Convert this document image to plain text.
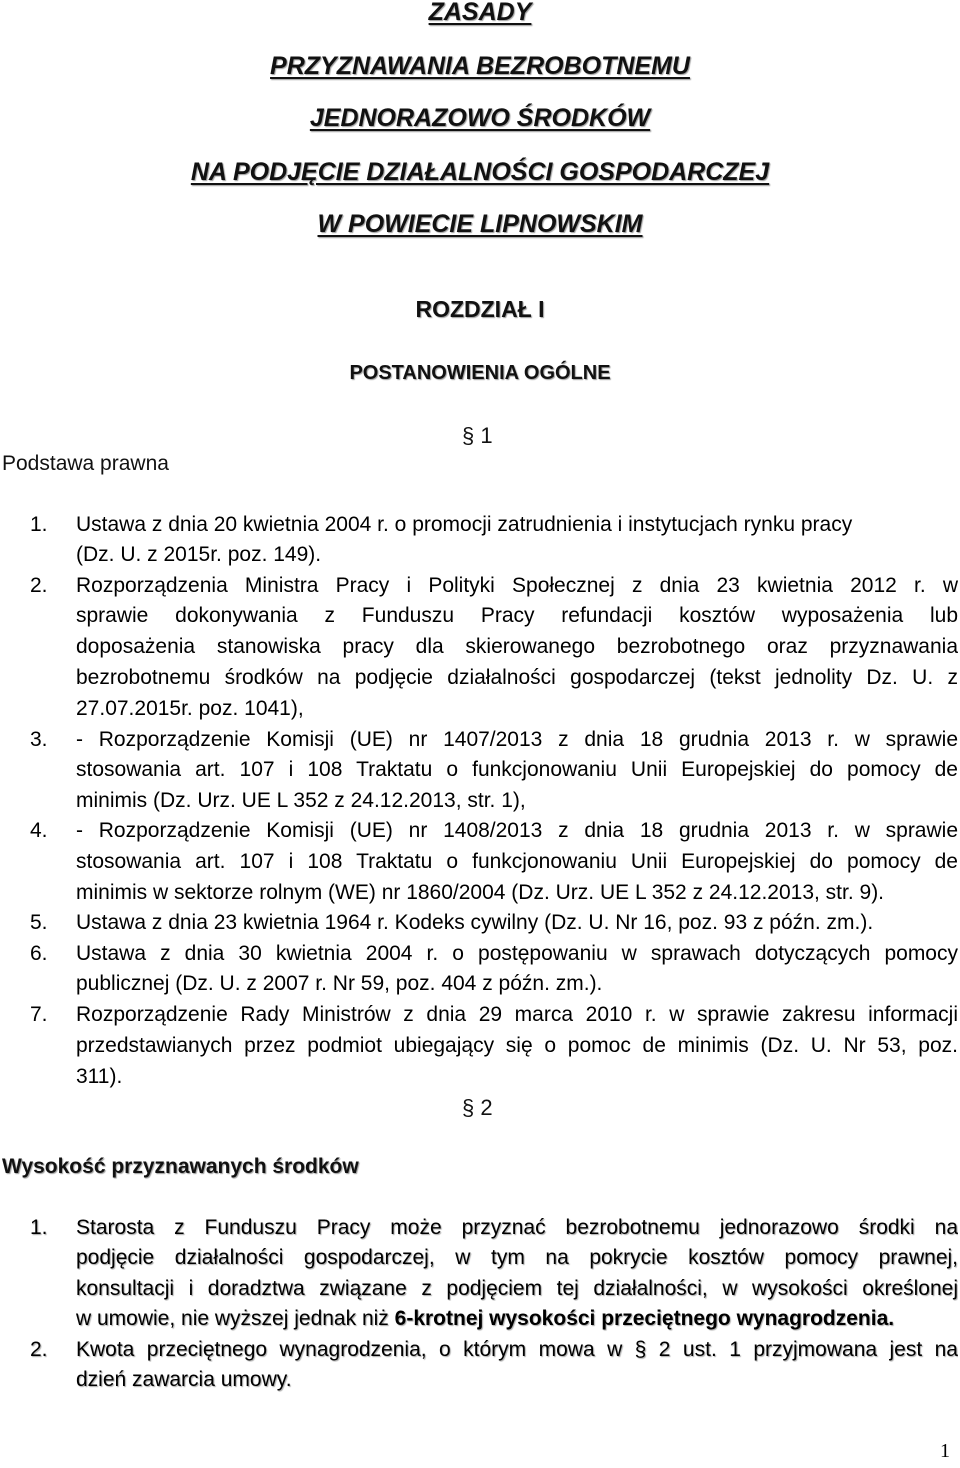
ZASADY
PRZYZNAWANIA BEZROBOTNEMU
JEDNORAZOWO ŚRODKÓW
NA PODJĘCIE DZIAŁALNOŚCI GOSPODARCZEJ
W POWIECIE LIPNOWSKIM
ROZDZIAŁ I
POSTANOWIENIA OGÓLNE
§ 1
Podstawa prawna
1. Ustawa z dnia 20 kwietnia 2004 r. o promocji zatrudnienia i instytucjach rynku pracy
(Dz. U. z 2015r. poz. 149).
2. Rozporządzenia Ministra Pracy i Polityki Społecznej z dnia 23 kwietnia 2012 r. w
sprawie dokonywania z Funduszu Pracy refundacji kosztów wyposażenia lub
doposażenia stanowiska pracy dla skierowanego bezrobotnego oraz przyznawania
bezrobotnemu środków na podjęcie działalności gospodarczej (tekst jednolity Dz. U. z
27.07.2015r. poz. 1041),
3. - Rozporządzenie Komisji (UE) nr 1407/2013 z dnia 18 grudnia 2013 r. w sprawie
stosowania art. 107 i 108 Traktatu o funkcjonowaniu Unii Europejskiej do pomocy de
minimis (Dz. Urz. UE L 352 z 24.12.2013, str. 1),
4. - Rozporządzenie Komisji (UE) nr 1408/2013 z dnia 18 grudnia 2013 r. w sprawie
stosowania art. 107 i 108 Traktatu o funkcjonowaniu Unii Europejskiej do pomocy de
minimis w sektorze rolnym (WE) nr 1860/2004 (Dz. Urz. UE L 352 z 24.12.2013, str. 9).
5. Ustawa z dnia 23 kwietnia 1964 r. Kodeks cywilny (Dz. U. Nr 16, poz. 93 z późn. zm.).
6. Ustawa z dnia 30 kwietnia 2004 r. o postępowaniu w sprawach dotyczących pomocy
publicznej (Dz. U. z 2007 r. Nr 59, poz. 404 z późn. zm.).
7. Rozporządzenie Rady Ministrów z dnia 29 marca 2010 r. w sprawie zakresu informacji
przedstawianych przez podmiot ubiegający się o pomoc de minimis (Dz. U. Nr 53, poz.
311).
§ 2
Wysokość przyznawanych środków
1. Starosta z Funduszu Pracy może przyznać bezrobotnemu jednorazowo środki na
podjęcie działalności gospodarczej, w tym na pokrycie kosztów pomocy prawnej,
konsultacji i doradztwa związane z podjęciem tej działalności, w wysokości określonej
w umowie, nie wyższej jednak niż 6-krotnej wysokości przeciętnego wynagrodzenia.
2. Kwota przeciętnego wynagrodzenia, o którym mowa w § 2 ust. 1 przyjmowana jest na
dzień zawarcia umowy.
1
